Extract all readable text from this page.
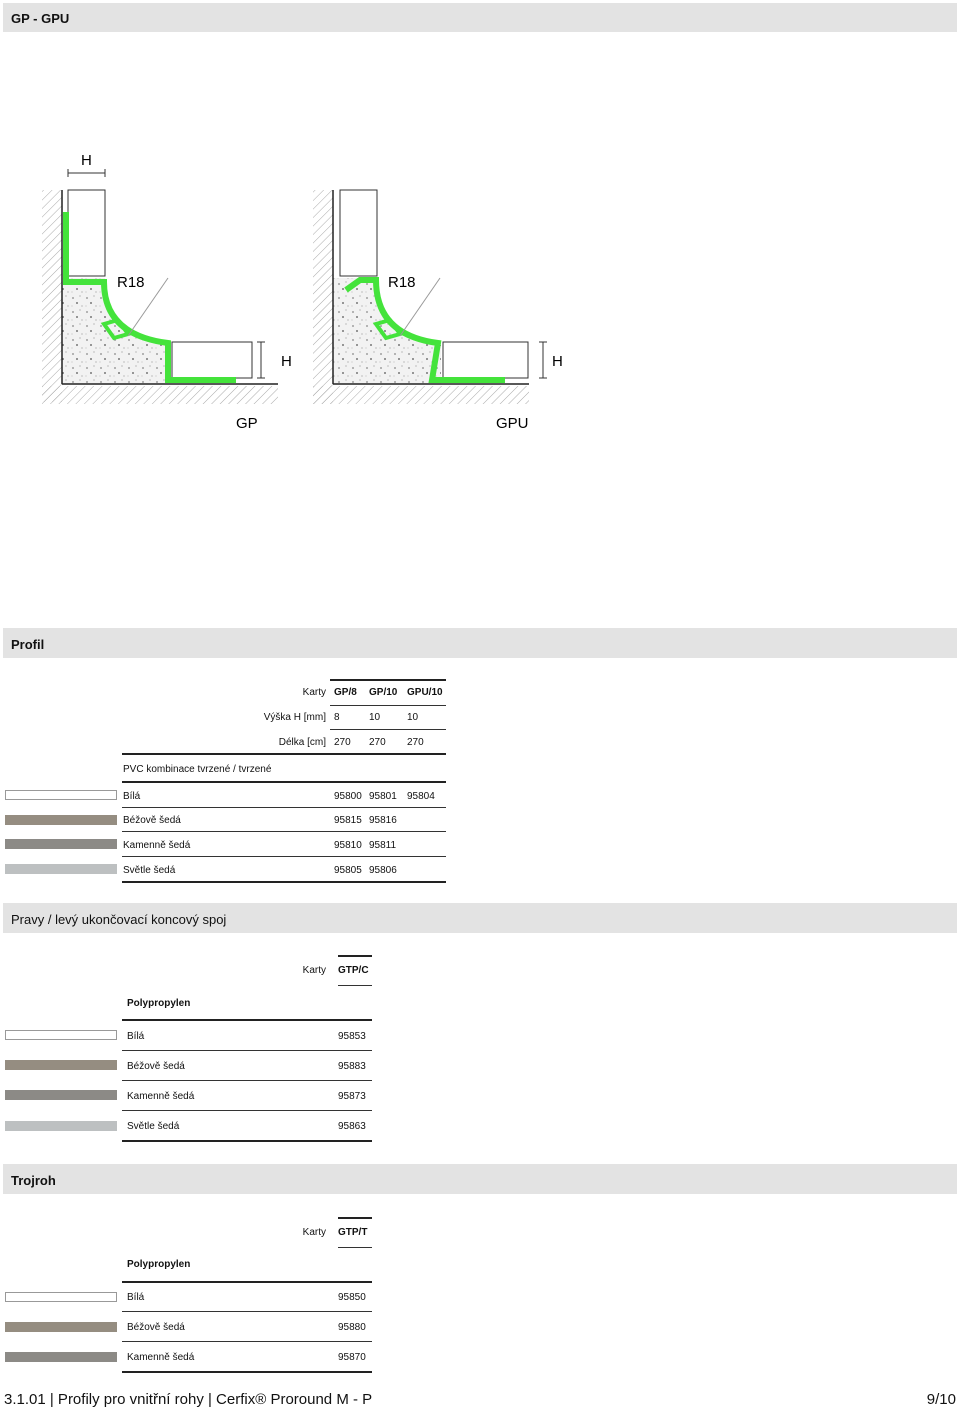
GP - GPU
H
R18
H
GP
R18
H
GPU
Profil
Karty GP/8 GP/10 GPU/10
Výška H [mm] 8	10	10
Délka [cm] 270 270 270
PVC kombinace tvrzené / tvrzené
Bílá	95800 95801 95804
Béžově šedá	95815 95816
Kamenně šedá	95810 95811
Světle šedá	95805 95806
Pravy / levý ukončovací koncový spoj
Karty GTP/C
Polypropylen
Bílá	95853
Béžově šedá	95883
Kamenně šedá	95873
Světle šedá	95863
Trojroh
Karty GTP/T
Polypropylen
Bílá	95850
Béžově šedá	95880
Kamenně šedá	95870
3.1.01 | Profily pro vnitřní rohy | Cerfix® Proround M - P	9/10
